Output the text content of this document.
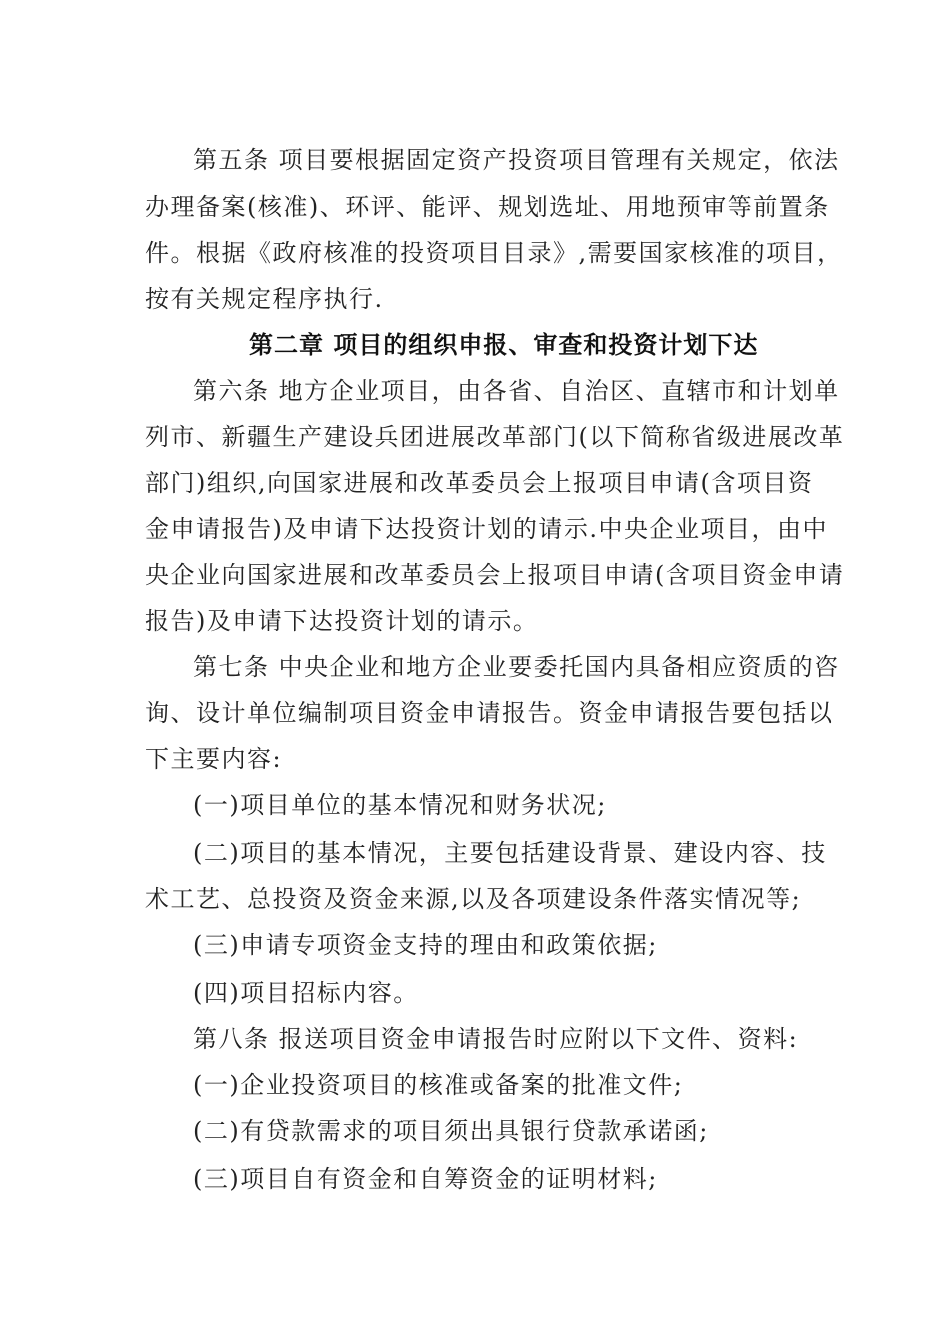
第五条 项目要根据固定资产投资项目管理有关规定，依法

办理备案(核准)、环评、能评、规划选址、用地预审等前置条

件。根据《政府核准的投资项目目录》,需要国家核准的项目，

按有关规定程序执行.

第二章 项目的组织申报、审查和投资计划下达

第六条 地方企业项目，由各省、自治区、直辖市和计划单

列市、新疆生产建设兵团进展改革部门(以下简称省级进展改革

部门)组织,向国家进展和改革委员会上报项目申请(含项目资

金申请报告)及申请下达投资计划的请示.中央企业项目，由中

央企业向国家进展和改革委员会上报项目申请(含项目资金申请

报告)及申请下达投资计划的请示。

第七条 中央企业和地方企业要委托国内具备相应资质的咨

询、设计单位编制项目资金申请报告。资金申请报告要包括以

下主要内容:

(一)项目单位的基本情况和财务状况;

(二)项目的基本情况，主要包括建设背景、建设内容、技

术工艺、总投资及资金来源,以及各项建设条件落实情况等;

(三)申请专项资金支持的理由和政策依据;

(四)项目招标内容。

第八条 报送项目资金申请报告时应附以下文件、资料:

(一)企业投资项目的核准或备案的批准文件;

(二)有贷款需求的项目须出具银行贷款承诺函;

(三)项目自有资金和自筹资金的证明材料;
